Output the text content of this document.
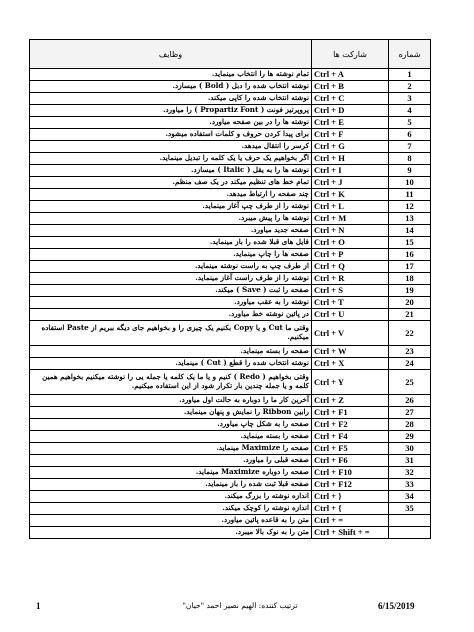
وظایف	شارکت ها	شماره
تمام نوشته ها را انتخاب مینماید.	Ctrl + A	1
نوشته انتخاب شده را دبل ( Bold ) میسازد.	Ctrl + B	2
نوشته انتخاب شده را کاپی میکند.	Ctrl + C	3
پروپرتیز فونت ( Propartiz Font ) را میاورد.	Ctrl + D	4
نوشته ها را در بین صفحه میاورد.	Ctrl + E	5
برای پیدا کردن حروف و کلمات استفاده میشود.	Ctrl + F	6
کرسر را انتقال میدهد.	Ctrl + G	7
اگر بخواهیم یک حرف یا یک کلمه را تبدیل مینماید.	Ctrl + H	8
نوشته ها را به یقل ( Italic ) میسازد.	Ctrl + I	9
تمام خط های تنظیم میکند در یک صف منظم.	Ctrl + J	10
چند صفحه را ارتباط میدهد.	Ctrl + K	11
نوشته را از طرف چپ آغاز مینماید.	Ctrl + L	12
نوشته ها را پیش میبرد.	Ctrl + M	13
صفحه جدید میاورد.	Ctrl + N	14
فایل های قبلا شده را باز مینماید.	Ctrl + O	15
صفحه ها را چاپ مینماید.	Ctrl + P	16
از طرف چپ به راست نوشته مینماید.	Ctrl + Q	17
نوشته را از طرف راست آغاز مینماید.	Ctrl + R	18
صفحه را ثبت ( Save ) میکند.	Ctrl + S	19
نوشته را به عقب میاورد.	Ctrl + T	20
در پائین نوشته خط میاورد.	Ctrl + U	21
وقتی ما Cut و یا Copy بکنیم یک چیزی را و بخواهیم جای دیگه ببریم از Paste استفاده میکنیم.	Ctrl + V	22
صفحه را بسته مینماید.	Ctrl + W	23
نوشته انتخاب شده را قطع ( Cut ) مینماید.	Ctrl + X	24
وقتی بخواهیم ( Redo ) کنیم و یا ما یک کلمه یا جمله یی را نوشته میکنیم بخواهیم همین کلمه و یا جمله چندین بار تکرار شود از این استفاده میکنیم.	Ctrl + Y	25
آخرین کار ما را دوباره به حالت اول میاورد.	Ctrl + Z	26
رابین Ribbon را نمایش و پنهان مینماید.	Ctrl + F1	27
صفحه را به شکل چاپ میاورد.	Ctrl + F2	28
صفحه را بسته مینماید.	Ctrl + F4	29
صفحه را Maximize مینماید.	Ctrl + F5	30
صفحه قبلی را میاورد.	Ctrl + F6	31
صفحه را دوباره Maximize مینماید.	Ctrl + F10	32
صفحه قبلا ثبت شده را باز مینماید.	Ctrl + F12	33
اندازه نوشته را بزرگ میکند.	Ctrl + }	34
اندازه نوشته را کوچک میکند.	Ctrl + {	35
متن را به قاعده پائین میاورد.	Ctrl + =	
متن را به نوک بالا میبرد.	Ctrl + Shift + =	
1	ترتیب کننده: الهیم نصیر احمد "حیان"	6/15/2019
